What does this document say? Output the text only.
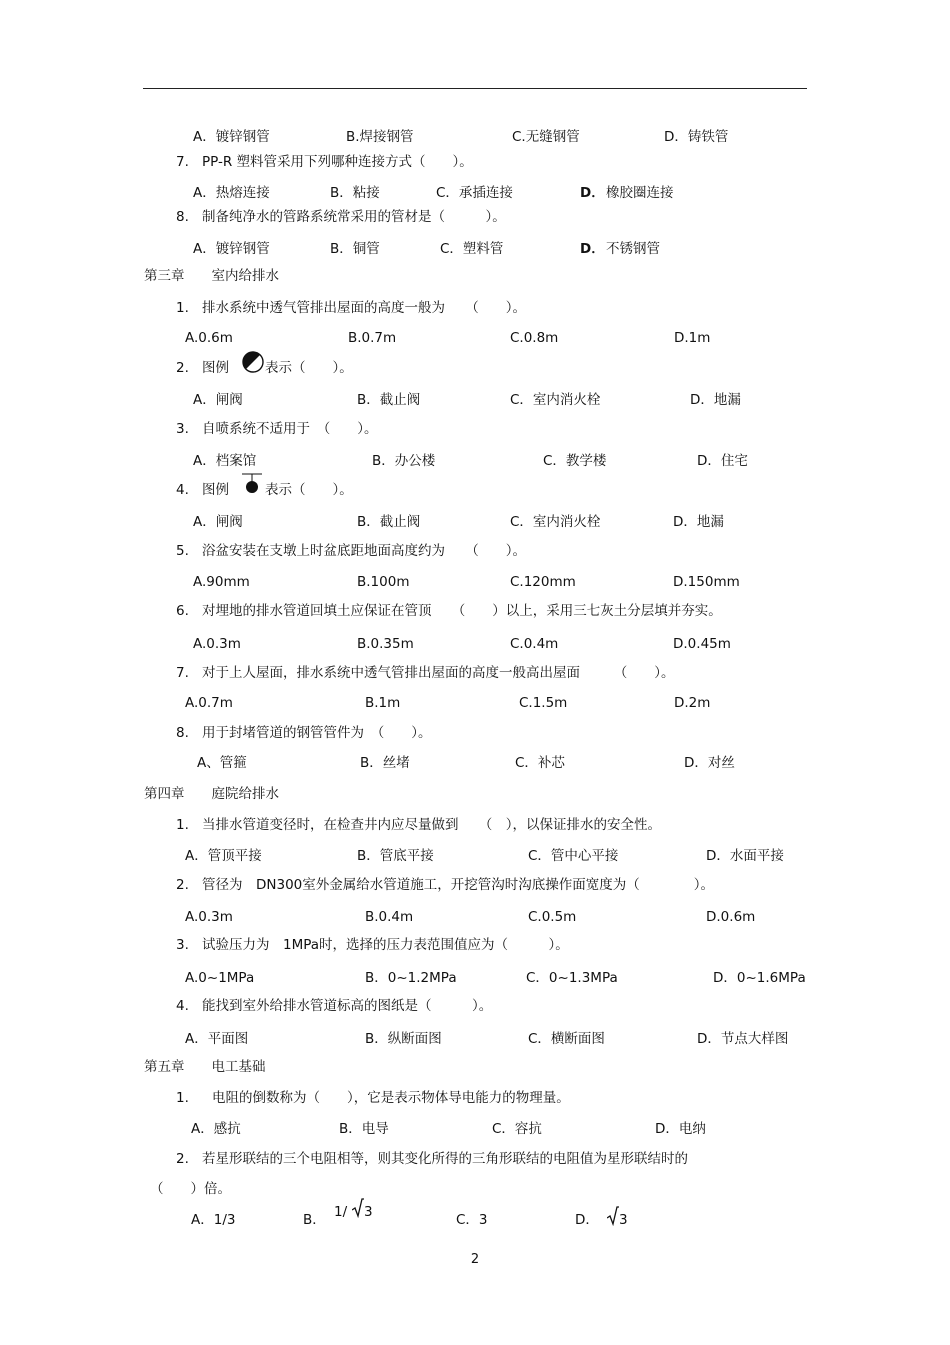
A．镀锌钢管	B.焊接钢管	C.无缝钢管	D．铸铁管
7. PP-R 塑料管采用下列哪种连接方式（　　）。
A．热熔连接	B．粘接	C．承插连接	D． 橡胶圈连接
8. 制备纯净水的管路系统常采用的管材是（　　　）。
A．镀锌钢管	B．铜管	C．塑料管	D． 不锈钢管
第三章　　室内给排水
1. 排水系统中透气管排出屋面的高度一般为　　（　　）。
A.0.6m	B.0.7m	C.0.8m	D.1m
2. 图例	表示（　　）。
A．闸阀	B．截止阀	C．室内消火栓	D．地漏
3. 自喷系统不适用于　（　　）。
A．档案馆	B．办公楼	C．教学楼	D．住宅
4. 图例	表示（　　）。
A．闸阀	B．截止阀	C．室内消火栓	D．地漏
5. 浴盆安装在支墩上时盆底距地面高度约为　　（　　）。
A.90mm	B.100m	C.120mm	D.150mm
6. 对埋地的排水管道回填土应保证在管顶　　（　　）以上，采用三七灰土分层填并夯实。
A.0.3m	B.0.35m	C.0.4m	D.0.45m
7. 对于上人屋面，排水系统中透气管排出屋面的高度一般高出屋面　　　（　　）。
A.0.7m	B.1m	C.1.5m	D.2m
8. 用于封堵管道的钢管管件为　（　　）。
A、管箍	B．丝堵	C．补芯	D．对丝
第四章　　庭院给排水
1. 当排水管道变径时，在检查井内应尽量做到　　（　），以保证排水的安全性。
A．管顶平接	B．管底平接	C．管中心平接	D．水面平接
2. 管径为　DN300室外金属给水管道施工，开挖管沟时沟底操作面宽度为（　　　　）。
A.0.3m	B.0.4m	C.0.5m	D.0.6m
3. 试验压力为　1MPa时，选择的压力表范围值应为（　　　）。
A.0~1MPa	B．0~1.2MPa	C．0~1.3MPa	D．0~1.6MPa
4. 能找到室外给排水管道标高的图纸是（　　　）。
A．平面图	B．纵断面图	C．横断面图	D．节点大样图
第五章　　电工基础
1. 电阻的倒数称为（　　），它是表示物体导电能力的物理量。
A．感抗	B．电导	C．容抗	D．电纳
2. 若星形联结的三个电阻相等，则其变化所得的三角形联结的电阻值为星形联结时的
（　　）倍。
A．1/3	B． 1/ 3	C．3	D． 3
2
